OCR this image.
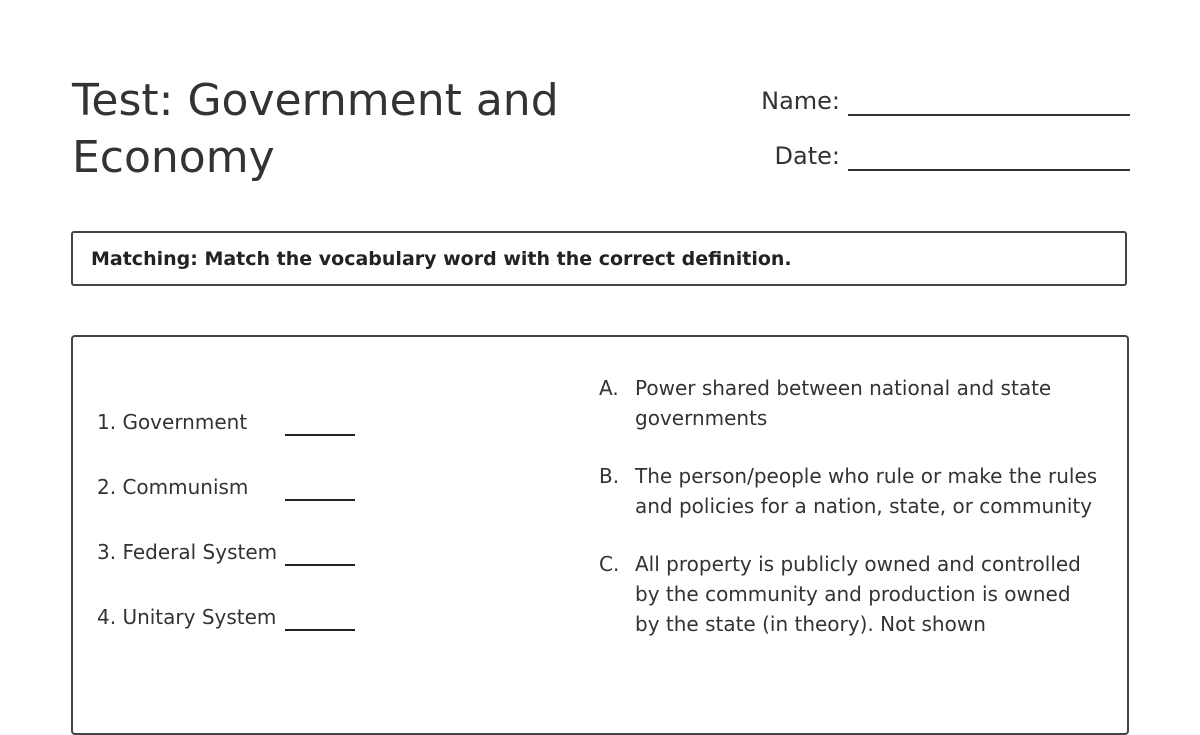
Test: Government and Economy
Name:
Date:
Matching: Match the vocabulary word with the correct definition.
1. Government
2. Communism
3. Federal System
4. Unitary System
A. Power shared between national and state governments
B. The person/people who rule or make the rules and policies for a nation, state, or community
C. All property is publicly owned and controlled by the community and production is owned by the state (in theory). Not shown
